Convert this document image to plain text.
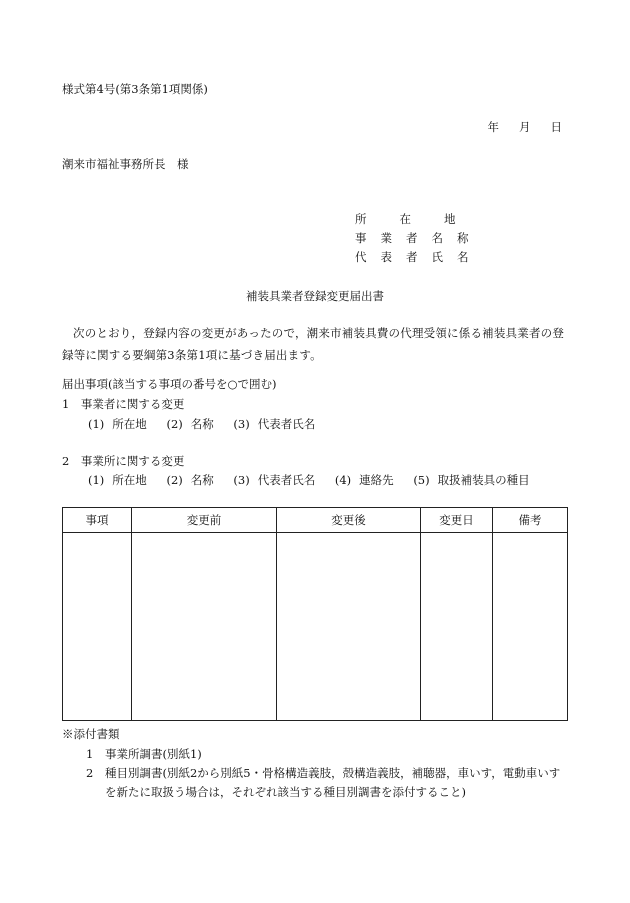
様式第4号(第3条第1項関係)
年 月 日
潮来市福祉事務所長　様
所	在	地
事 業 者 名 称
代 表 者 氏 名
補装具業者登録変更届出書
次のとおり，登録内容の変更があったので，潮来市補装具費の代理受領に係る補装具業者の登録等に関する要綱第3条第1項に基づき届出ます。
届出事項(該当する事項の番号を○で囲む)
1　事業者に関する変更
(1) 所在地 (2) 名称 (3) 代表者氏名
2　事業所に関する変更
(1) 所在地 (2) 名称 (3) 代表者氏名 (4) 連絡先 (5) 取扱補装具の種目
事項	変更前	変更後	変更日	備考

※添付書類
1	事業所調書(別紙1)
2	種目別調書(別紙2から別紙5・骨格構造義肢，殻構造義肢，補聴器，車いす，電動車いすを新たに取扱う場合は，それぞれ該当する種目別調書を添付すること)
